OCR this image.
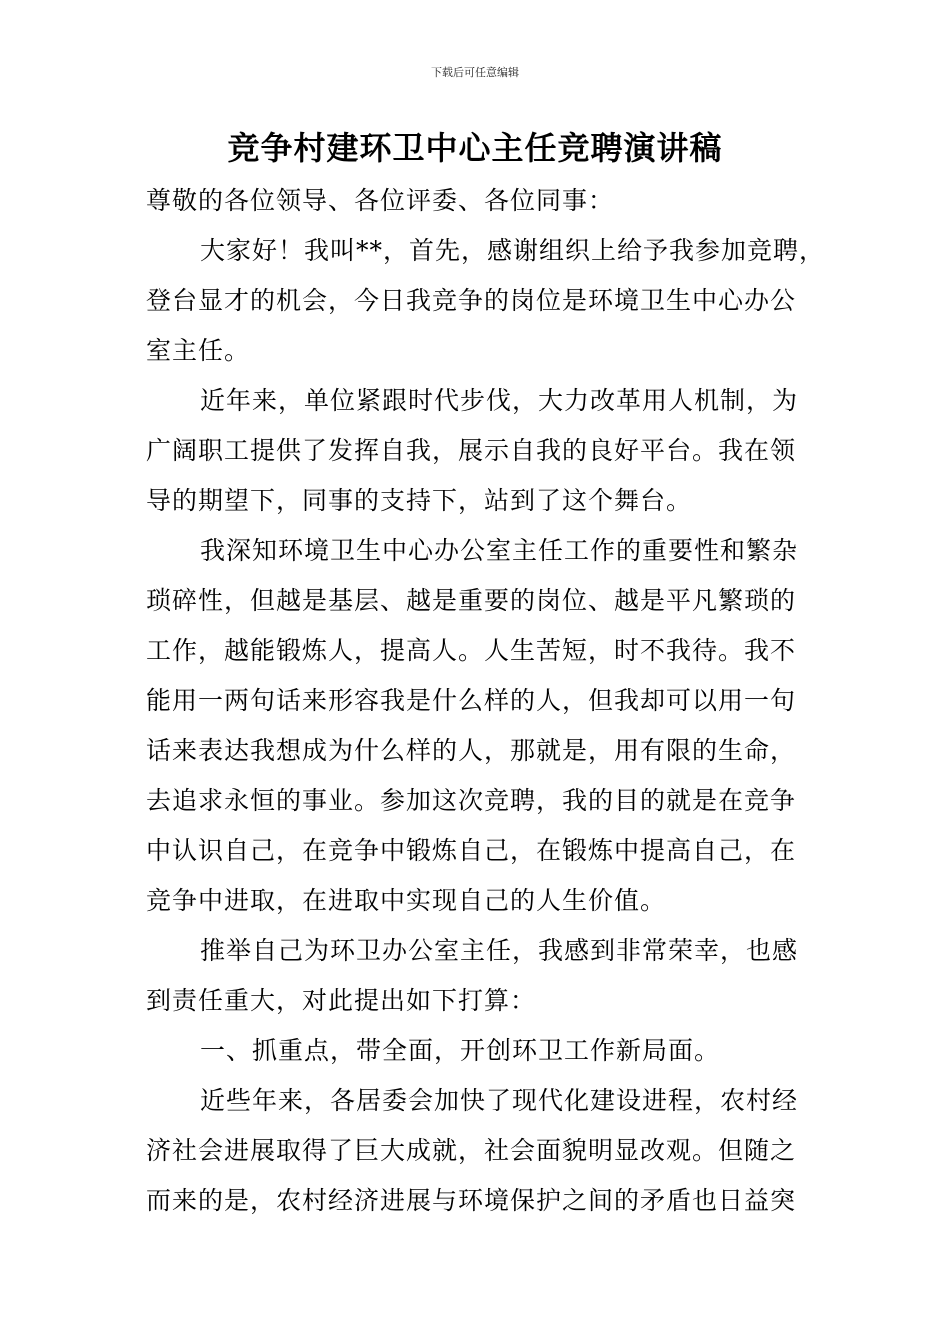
下载后可任意编辑
竞争村建环卫中心主任竞聘演讲稿
尊敬的各位领导、各位评委、各位同事：
大家好！我叫**，首先，感谢组织上给予我参加竞聘，
登台显才的机会，今日我竞争的岗位是环境卫生中心办公
室主任。
近年来，单位紧跟时代步伐，大力改革用人机制，为
广阔职工提供了发挥自我，展示自我的良好平台。我在领
导的期望下，同事的支持下，站到了这个舞台。
我深知环境卫生中心办公室主任工作的重要性和繁杂
琐碎性，但越是基层、越是重要的岗位、越是平凡繁琐的
工作，越能锻炼人，提高人。人生苦短，时不我待。我不
能用一两句话来形容我是什么样的人，但我却可以用一句
话来表达我想成为什么样的人，那就是，用有限的生命，
去追求永恒的事业。参加这次竞聘，我的目的就是在竞争
中认识自己，在竞争中锻炼自己，在锻炼中提高自己，在
竞争中进取，在进取中实现自己的人生价值。
推举自己为环卫办公室主任，我感到非常荣幸，也感
到责任重大，对此提出如下打算：
一、抓重点，带全面，开创环卫工作新局面。
近些年来，各居委会加快了现代化建设进程，农村经
济社会进展取得了巨大成就，社会面貌明显改观。但随之
而来的是，农村经济进展与环境保护之间的矛盾也日益突
